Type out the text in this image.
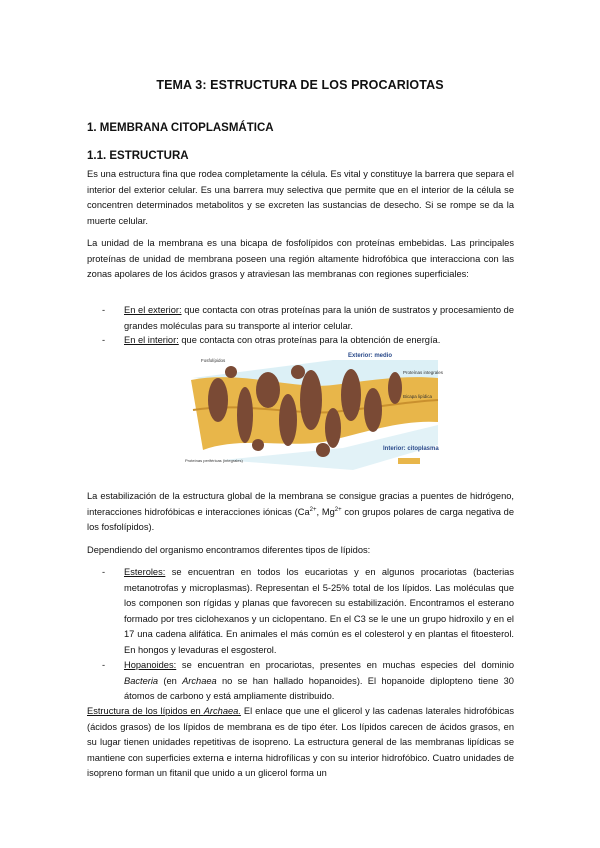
TEMA 3: ESTRUCTURA DE LOS PROCARIOTAS
1. MEMBRANA CITOPLASMÁTICA
1.1. ESTRUCTURA

Es una estructura fina que rodea completamente la célula. Es vital y constituye la barrera que separa el interior del exterior celular. Es una barrera muy selectiva que permite que en el interior de la célula se concentren determinados metabolitos y se excreten las sustancias de desecho. Si se rompe se da la muerte celular.

La unidad de la membrana es una bicapa de fosfolípidos con proteínas embebidas. Las principales proteínas de unidad de membrana poseen una región altamente hidrofóbica que interacciona con las zonas apolares de los ácidos grasos y atraviesan las membranas con regiones superficiales:

- En el exterior: que contacta con otras proteínas para la unión de sustratos y procesamiento de grandes moléculas para su transporte al interior celular.

- En el interior: que contacta con otras proteínas para la obtención de energía.

Exterior: medio
Interior: citoplasma
Fosfolípidos
Proteínas integrales
Bicapa lipídica
Proteínas periféricas (integrales)

La estabilización de la estructura global de la membrana se consigue gracias a puentes de hidrógeno, interacciones hidrofóbicas e interacciones iónicas ($Ca^{2+}$, $Mg^{2+}$ con grupos polares de carga negativa de los fosfolípidos).

Dependiendo del organismo encontramos diferentes tipos de lípidos:

- Esteroles: se encuentran en todos los eucariotas y en algunos procariotas (bacterias metanotrofas y microplasmas). Representan el 5-25% total de los lípidos. Las moléculas que los componen son rígidas y planas que favorecen su estabilización. Encontramos el esterano formado por tres ciclohexanos y un ciclopentano. En el C3 se le une un grupo hidroxilo y en el 17 una cadena alifática. En animales el más común es el colesterol y en plantas el fitoesterol. En hongos y levaduras el esgosterol.

- Hopanoides: se encuentran en procariotas, presentes en muchas especies del dominio Bacteria (en Archaea no se han hallado hopanoides). El hopanoide diplopteno tiene 30 átomos de carbono y está ampliamente distribuido.

Estructura de los lípidos en Archaea. El enlace que une el glicerol y las cadenas laterales hidrofóbicas (ácidos grasos) de los lípidos de membrana es de tipo éter. Los lípidos carecen de ácidos grasos, en su lugar tienen unidades repetitivas de isopreno. La estructura general de las membranas lipídicas se mantiene con superficies externa e interna hidrofílicas y con su interior hidrofóbico. Cuatro unidades de isopreno forman un fitanil que unido a un glicerol forma un
